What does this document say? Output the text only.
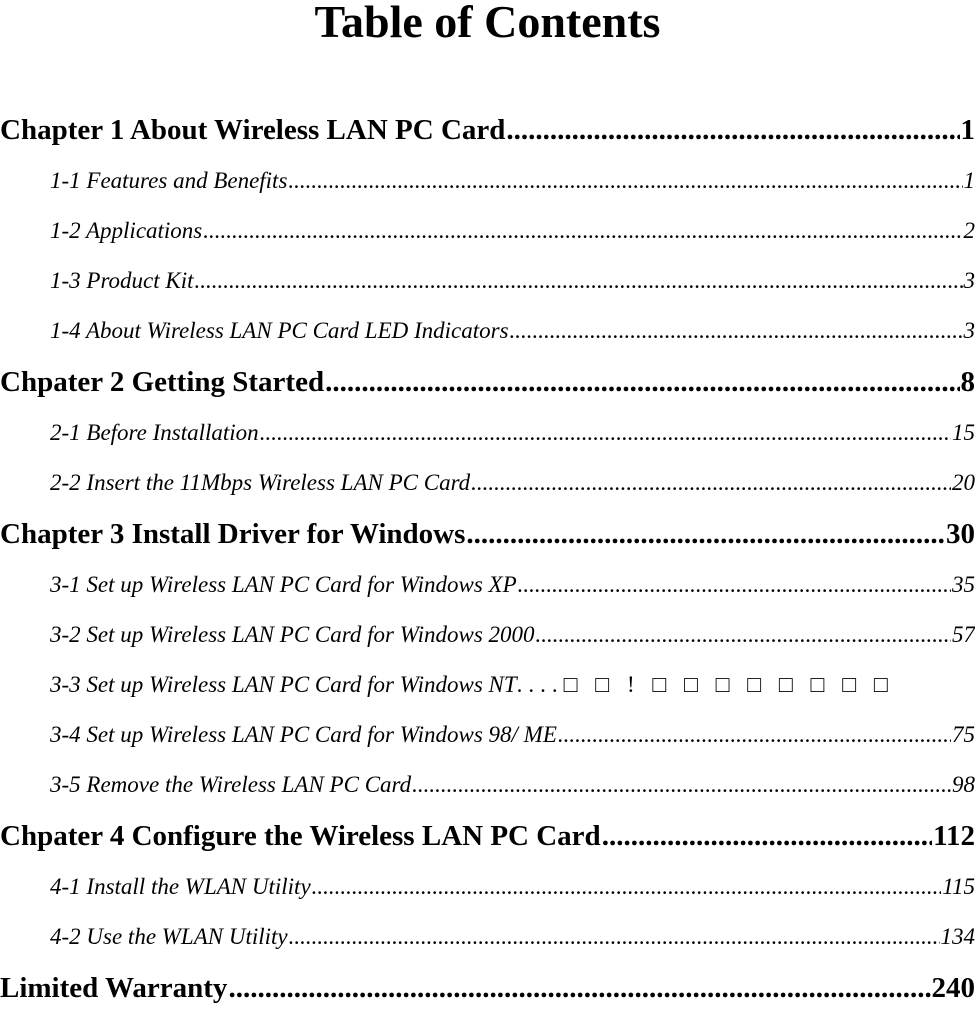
Table of Contents
Chapter 1 About Wireless LAN PC Card .....	1
1-1 Features and Benefits .....	1
1-2 Applications .....	2
1-3 Product Kit .....	3
1-4 About Wireless LAN PC Card LED Indicators .....	3
Chpater 2 Getting Started .....	8
2-1 Before Installation .....	15
2-2 Insert the 11Mbps Wireless LAN PC Card .....	20
Chapter 3 Install Driver for Windows .....	30
3-1 Set up Wireless LAN PC Card for Windows XP .....	35
3-2 Set up Wireless LAN PC Card for Windows 2000 .....	57
3-3 Set up Wireless LAN PC Card for Windows NT ....□ □ ! □ □ □ □ □ □ □ □
3-4 Set up Wireless LAN PC Card for Windows 98/ ME .....	75
3-5 Remove the Wireless LAN PC Card .....	98
Chpater 4 Configure the Wireless LAN PC Card .....	112
4-1 Install the WLAN Utility .....	115
4-2 Use the WLAN Utility .....	134
Limited Warranty .....	240
